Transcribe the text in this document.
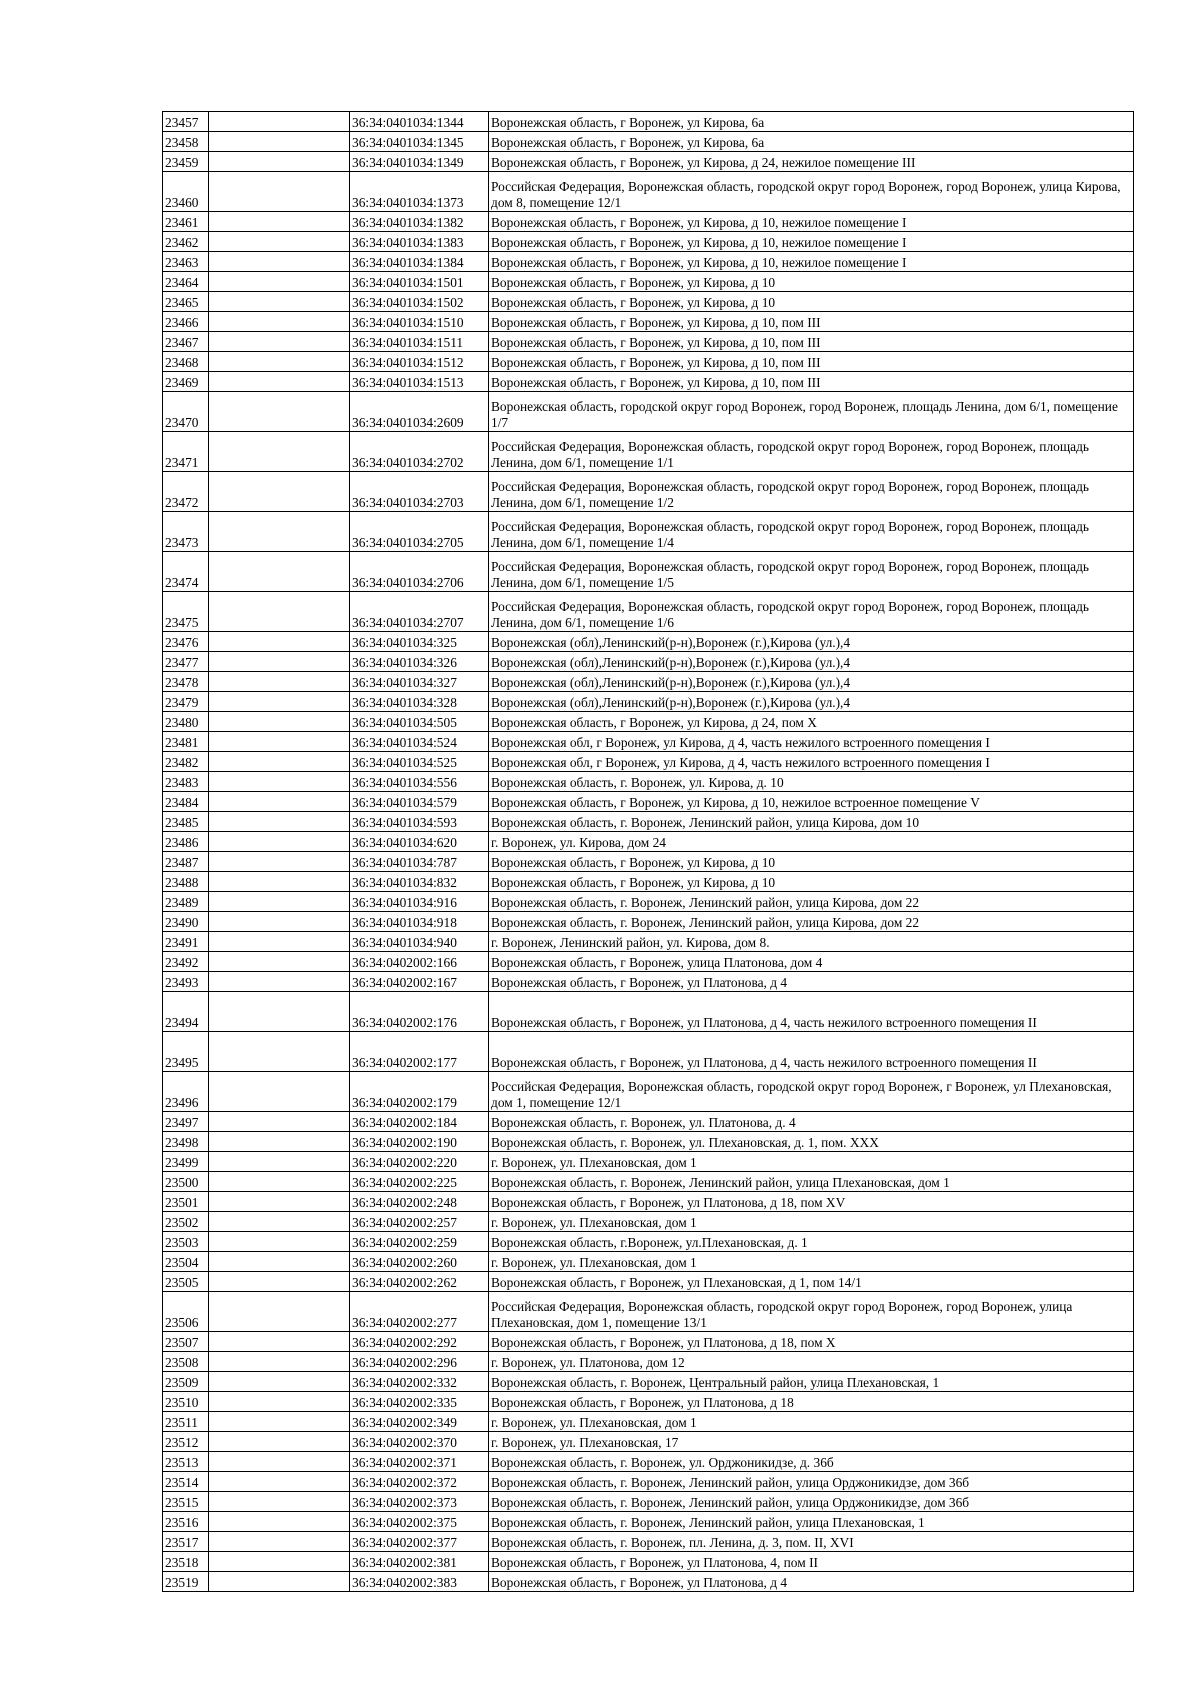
23457		36:34:0401034:1344	Воронежская область, г Воронеж, ул Кирова, 6а
23458		36:34:0401034:1345	Воронежская область, г Воронеж, ул Кирова, 6а
23459		36:34:0401034:1349	Воронежская область, г Воронеж, ул Кирова, д 24, нежилое помещение III
23460		36:34:0401034:1373	Российская Федерация, Воронежская область, городской округ город Воронеж, город Воронеж, улица Кирова, дом 8, помещение 12/1
23461		36:34:0401034:1382	Воронежская область, г Воронеж, ул Кирова, д 10, нежилое помещение I
23462		36:34:0401034:1383	Воронежская область, г Воронеж, ул Кирова, д 10, нежилое помещение I
23463		36:34:0401034:1384	Воронежская область, г Воронеж, ул Кирова, д 10, нежилое помещение I
23464		36:34:0401034:1501	Воронежская область, г Воронеж, ул Кирова, д 10
23465		36:34:0401034:1502	Воронежская область, г Воронеж, ул Кирова, д 10
23466		36:34:0401034:1510	Воронежская область, г Воронеж, ул Кирова, д 10, пом III
23467		36:34:0401034:1511	Воронежская область, г Воронеж, ул Кирова, д 10, пом III
23468		36:34:0401034:1512	Воронежская область, г Воронеж, ул Кирова, д 10, пом III
23469		36:34:0401034:1513	Воронежская область, г Воронеж, ул Кирова, д 10, пом III
23470		36:34:0401034:2609	Воронежская область, городской округ город Воронеж, город Воронеж, площадь Ленина, дом 6/1, помещение 1/7
23471		36:34:0401034:2702	Российская Федерация, Воронежская область, городской округ город Воронеж, город Воронеж, площадь Ленина, дом 6/1, помещение 1/1
23472		36:34:0401034:2703	Российская Федерация, Воронежская область, городской округ город Воронеж, город Воронеж, площадь Ленина, дом 6/1, помещение 1/2
23473		36:34:0401034:2705	Российская Федерация, Воронежская область, городской округ город Воронеж, город Воронеж, площадь Ленина, дом 6/1, помещение 1/4
23474		36:34:0401034:2706	Российская Федерация, Воронежская область, городской округ город Воронеж, город Воронеж, площадь Ленина, дом 6/1, помещение 1/5
23475		36:34:0401034:2707	Российская Федерация, Воронежская область, городской округ город Воронеж, город Воронеж, площадь Ленина, дом 6/1, помещение 1/6
23476		36:34:0401034:325	Воронежская (обл),Ленинский(р-н),Воронеж (г.),Кирова (ул.),4
23477		36:34:0401034:326	Воронежская (обл),Ленинский(р-н),Воронеж (г.),Кирова (ул.),4
23478		36:34:0401034:327	Воронежская (обл),Ленинский(р-н),Воронеж (г.),Кирова (ул.),4
23479		36:34:0401034:328	Воронежская (обл),Ленинский(р-н),Воронеж (г.),Кирова (ул.),4
23480		36:34:0401034:505	Воронежская область, г Воронеж, ул Кирова, д 24, пом X
23481		36:34:0401034:524	Воронежская обл, г Воронеж, ул Кирова, д 4, часть нежилого встроенного помещения I
23482		36:34:0401034:525	Воронежская обл, г Воронеж, ул Кирова, д 4, часть нежилого встроенного помещения I
23483		36:34:0401034:556	Воронежская область, г. Воронеж, ул. Кирова, д. 10
23484		36:34:0401034:579	Воронежская область, г Воронеж, ул Кирова, д 10, нежилое встроенное помещение V
23485		36:34:0401034:593	Воронежская область, г. Воронеж, Ленинский район, улица Кирова, дом 10
23486		36:34:0401034:620	г. Воронеж, ул. Кирова, дом 24
23487		36:34:0401034:787	Воронежская область, г Воронеж, ул Кирова, д 10
23488		36:34:0401034:832	Воронежская область, г Воронеж, ул Кирова, д 10
23489		36:34:0401034:916	Воронежская область, г. Воронеж, Ленинский район, улица Кирова, дом 22
23490		36:34:0401034:918	Воронежская область, г. Воронеж, Ленинский район, улица Кирова, дом 22
23491		36:34:0401034:940	г. Воронеж, Ленинский район, ул. Кирова, дом 8.
23492		36:34:0402002:166	Воронежская область, г Воронеж, улица Платонова, дом 4
23493		36:34:0402002:167	Воронежская область, г Воронеж, ул Платонова, д 4
23494		36:34:0402002:176	Воронежская область, г Воронеж, ул Платонова, д 4, часть нежилого встроенного помещения II
23495		36:34:0402002:177	Воронежская область, г Воронеж, ул Платонова, д 4, часть нежилого встроенного помещения II
23496		36:34:0402002:179	Российская Федерация, Воронежская область, городской округ город Воронеж, г Воронеж, ул Плехановская, дом 1, помещение 12/1
23497		36:34:0402002:184	Воронежская область, г. Воронеж, ул. Платонова, д. 4
23498		36:34:0402002:190	Воронежская область, г. Воронеж, ул. Плехановская, д. 1, пом. XXX
23499		36:34:0402002:220	г. Воронеж, ул. Плехановская, дом 1
23500		36:34:0402002:225	Воронежская область, г. Воронеж, Ленинский район, улица Плехановская, дом 1
23501		36:34:0402002:248	Воронежская область, г Воронеж, ул Платонова, д 18, пом XV
23502		36:34:0402002:257	г. Воронеж, ул. Плехановская, дом 1
23503		36:34:0402002:259	Воронежская область, г.Воронеж, ул.Плехановская, д. 1
23504		36:34:0402002:260	г. Воронеж, ул. Плехановская, дом 1
23505		36:34:0402002:262	Воронежская область, г Воронеж, ул Плехановская, д 1, пом 14/1
23506		36:34:0402002:277	Российская Федерация, Воронежская область, городской округ город Воронеж, город Воронеж, улица Плехановская, дом 1, помещение 13/1
23507		36:34:0402002:292	Воронежская область, г Воронеж, ул Платонова, д 18, пом X
23508		36:34:0402002:296	г. Воронеж, ул. Платонова, дом 12
23509		36:34:0402002:332	Воронежская область, г. Воронеж, Центральный район, улица Плехановская, 1
23510		36:34:0402002:335	Воронежская область, г Воронеж, ул Платонова, д 18
23511		36:34:0402002:349	г. Воронеж, ул. Плехановская, дом 1
23512		36:34:0402002:370	г. Воронеж, ул. Плехановская, 17
23513		36:34:0402002:371	Воронежская область, г. Воронеж, ул. Орджоникидзе, д. 36б
23514		36:34:0402002:372	Воронежская область, г. Воронеж, Ленинский район, улица Орджоникидзе, дом 36б
23515		36:34:0402002:373	Воронежская область, г. Воронеж, Ленинский район, улица Орджоникидзе, дом 36б
23516		36:34:0402002:375	Воронежская область, г. Воронеж, Ленинский район, улица Плехановская, 1
23517		36:34:0402002:377	Воронежская область, г. Воронеж, пл. Ленина, д. 3, пом. II, XVI
23518		36:34:0402002:381	Воронежская область, г Воронеж, ул Платонова, 4, пом II
23519		36:34:0402002:383	Воронежская область, г Воронеж, ул Платонова, д 4
